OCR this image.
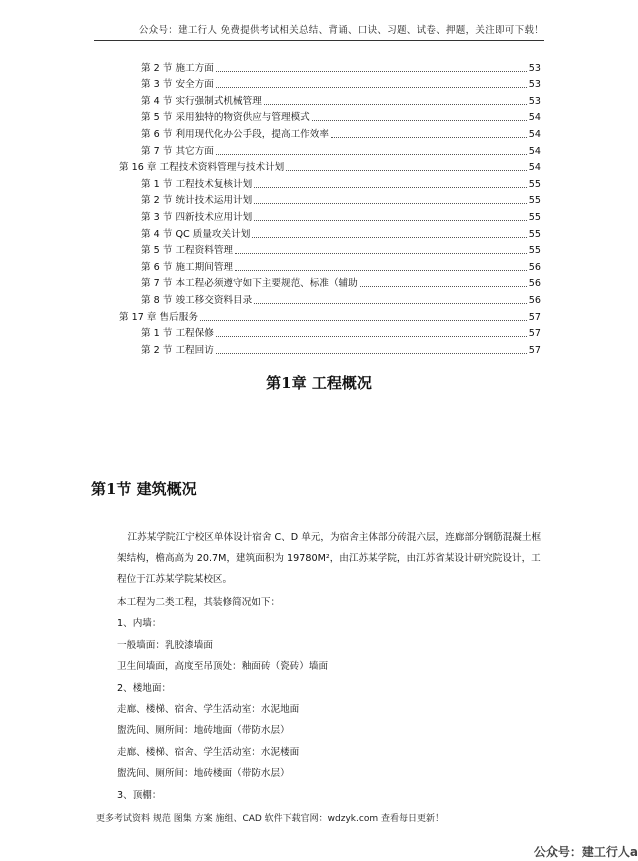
公众号：建工行人 免费提供考试相关总结、背诵、口诀、习题、试卷、押题，关注即可下载！
第 2 节 施工方面	53
第 3 节 安全方面	53
第 4 节 实行强制式机械管理	53
第 5 节 采用独特的物资供应与管理模式	54
第 6 节 利用现代化办公手段，提高工作效率	54
第 7 节 其它方面	54
第 16 章 工程技术资料管理与技术计划	54
第 1 节 工程技术复核计划	55
第 2 节 统计技术运用计划	55
第 3 节 四新技术应用计划	55
第 4 节 QC 质量攻关计划	55
第 5 节 工程资料管理	55
第 6 节 施工期间管理	56
第 7 节 本工程必须遵守如下主要规范、标准（辅助	56
第 8 节 竣工移交资料目录	56
第 17 章 售后服务	57
第 1 节 工程保修	57
第 2 节 工程回访	57
第1章 工程概况
第1节 建筑概况

江苏某学院江宁校区单体设计宿舍 C、D 单元，为宿舍主体部分砖混六层，连廊部分钢筋混凝土框架结构，檐高高为 20.7M，建筑面积为 19780M²，由江苏某学院，由江苏省某设计研究院设计，工程位于江苏某学院某校区。

本工程为二类工程，其装修简况如下：
1、内墙：
一般墙面：乳胶漆墙面
卫生间墙面，高度至吊顶处：釉面砖（瓷砖）墙面
2、楼地面：
走廊、楼梯、宿舍、学生活动室：水泥地面
盥洗间、厕所间：地砖地面（带防水层）
走廊、楼梯、宿舍、学生活动室：水泥楼面
盥洗间、厕所间：地砖楼面（带防水层）
3、顶棚：
更多考试资料 规范 图集 方案 施组、CAD 软件下载官网：wdzyk.com 查看每日更新！
公众号：建工行人a
